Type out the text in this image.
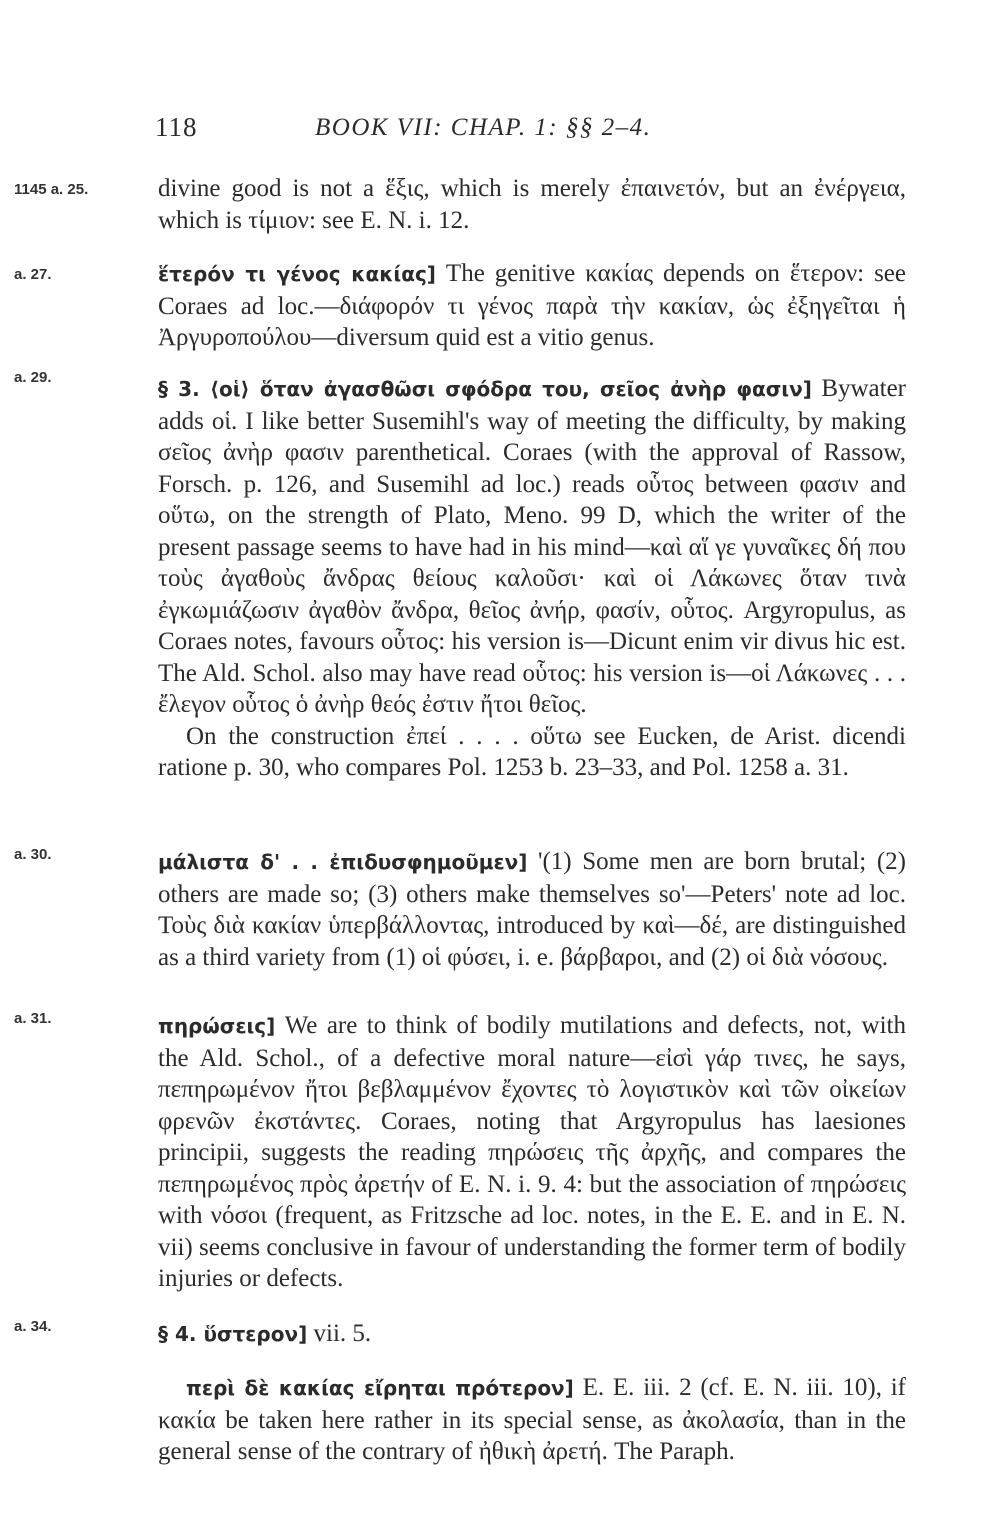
118	BOOK VII: CHAP. 1: §§ 2–4.
1145 a. 25.	divine good is not a ἕξις, which is merely ἐπαινετόν, but an ἐνέργεια, which is τίμιον: see E. N. i. 12.

a. 27.	ἕτερόν τι γένος κακίας] The genitive κακίας depends on ἕτερον: see Coraes ad loc.—διάφορόν τι γένος παρὰ τὴν κακίαν, ὡς ἐξηγεῖται ἡ Ἀργυροπούλου—diversum quid est a vitio genus.

a. 29.	§ 3. ⟨οἱ⟩ ὅταν ἀγασθῶσι σφόδρα του, σεῖος ἀνὴρ φασιν] Bywater adds οἱ. I like better Susemihl's way of meeting the difficulty, by making σεῖος ἀνὴρ φασιν parenthetical. Coraes (with the approval of Rassow, Forsch. p. 126, and Susemihl ad loc.) reads οὗτος between φασιν and οὕτω, on the strength of Plato, Meno. 99 D, which the writer of the present passage seems to have had in his mind—καὶ αἵ γε γυναῖκες δή που τοὺς ἀγαθοὺς ἄνδρας θείους καλοῦσι· καὶ οἱ Λάκωνες ὅταν τινὰ ἐγκωμιάζωσιν ἀγαθὸν ἄνδρα, θεῖος ἀνήρ, φασίν, οὗτος. Argyropulus, as Coraes notes, favours οὗτος: his version is—Dicunt enim vir divus hic est. The Ald. Schol. also may have read οὗτος: his version is—οἱ Λάκωνες . . . ἔλεγον οὗτος ὁ ἀνὴρ θεός ἐστιν ἤτοι θεῖος.

On the construction ἐπεί . . . . οὕτω see Eucken, de Arist. dicendi ratione p. 30, who compares Pol. 1253 b. 23–33, and Pol. 1258 a. 31.

a. 30.	μάλιστα δ' . . ἐπιδυσφημοῦμεν] '(1) Some men are born brutal; (2) others are made so; (3) others make themselves so'—Peters' note ad loc. Τοὺς διὰ κακίαν ὑπερβάλλοντας, introduced by καὶ—δέ, are distinguished as a third variety from (1) οἱ φύσει, i. e. βάρβαροι, and (2) οἱ διὰ νόσους.

a. 31.	πηρώσεις] We are to think of bodily mutilations and defects, not, with the Ald. Schol., of a defective moral nature—εἰσὶ γάρ τινες, he says, πεπηρωμένον ἤτοι βεβλαμμένον ἔχοντες τὸ λογιστικὸν καὶ τῶν οἰκείων φρενῶν ἐκστάντες. Coraes, noting that Argyropulus has laesiones principii, suggests the reading πηρώσεις τῆς ἀρχῆς, and compares the πεπηρωμένος πρὸς ἀρετήν of E. N. i. 9. 4: but the association of πηρώσεις with νόσοι (frequent, as Fritzsche ad loc. notes, in the E. E. and in E. N. vii) seems conclusive in favour of understanding the former term of bodily injuries or defects.

a. 34.	§ 4. ὕστερον] vii. 5.

περὶ δὲ κακίας εἴρηται πρότερον] E. E. iii. 2 (cf. E. N. iii. 10), if κακία be taken here rather in its special sense, as ἀκολασία, than in the general sense of the contrary of ἠθικὴ ἀρετή. The Paraph.
